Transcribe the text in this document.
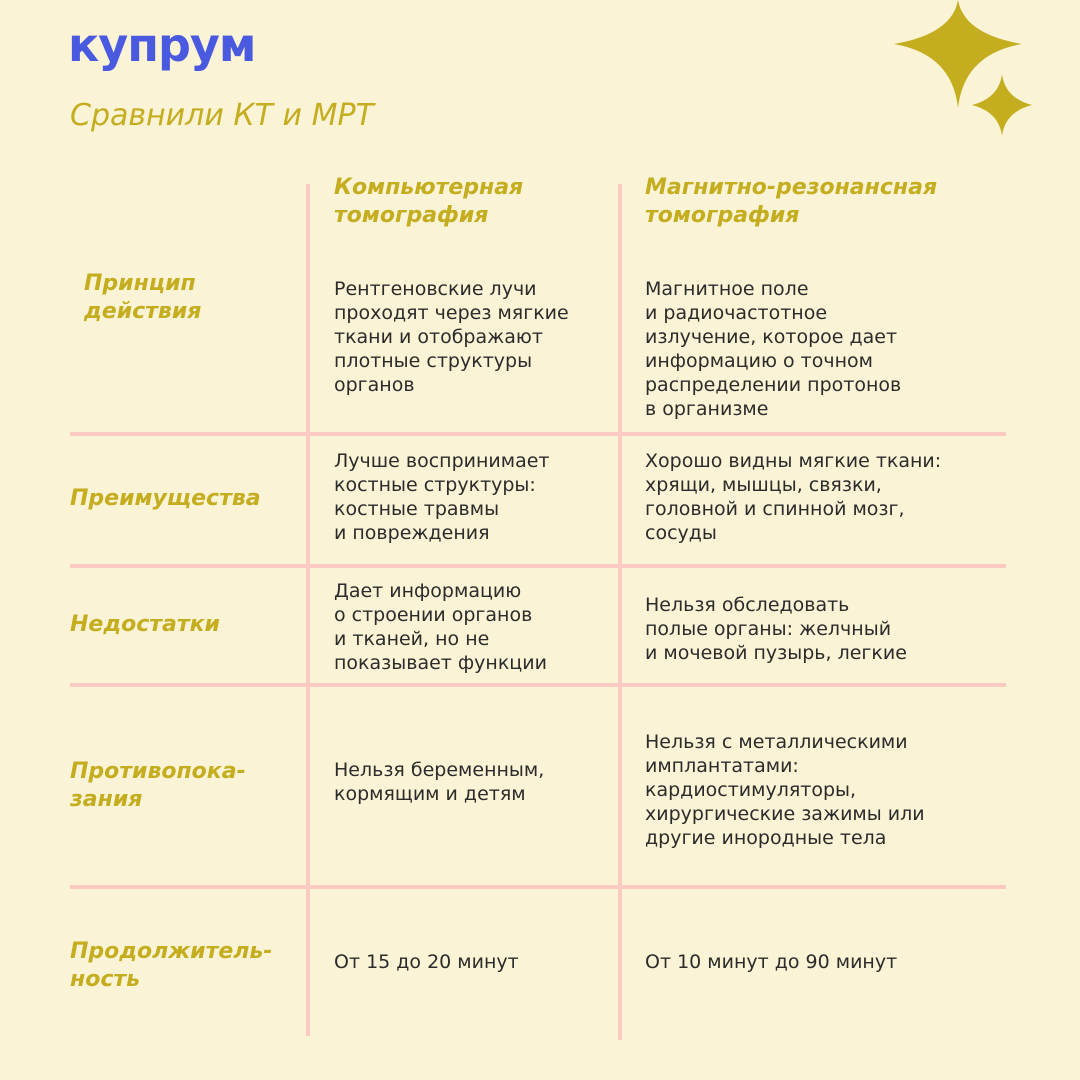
купрум
Сравнили КТ и МРТ
Компьютерная
томография
Магнитно-резонансная
томография
Принцип
действия
Рентгеновские лучи
проходят через мягкие
ткани и отображают
плотные структуры
органов
Магнитное поле
и радиочастотное
излучение, которое дает
информацию о точном
распределении протонов
в организме
Преимущества
Лучше воспринимает
костные структуры:
костные травмы
и повреждения
Хорошо видны мягкие ткани:
хрящи, мышцы, связки,
головной и спинной мозг,
сосуды
Недостатки
Дает информацию
о строении органов
и тканей, но не
показывает функции
Нельзя обследовать
полые органы: желчный
и мочевой пузырь, легкие
Противопока-
зания
Нельзя беременным,
кормящим и детям
Нельзя с металлическими
имплантатами:
кардиостимуляторы,
хирургические зажимы или
другие инородные тела
Продолжитель-
ность
От 15 до 20 минут	От 10 минут до 90 минут
